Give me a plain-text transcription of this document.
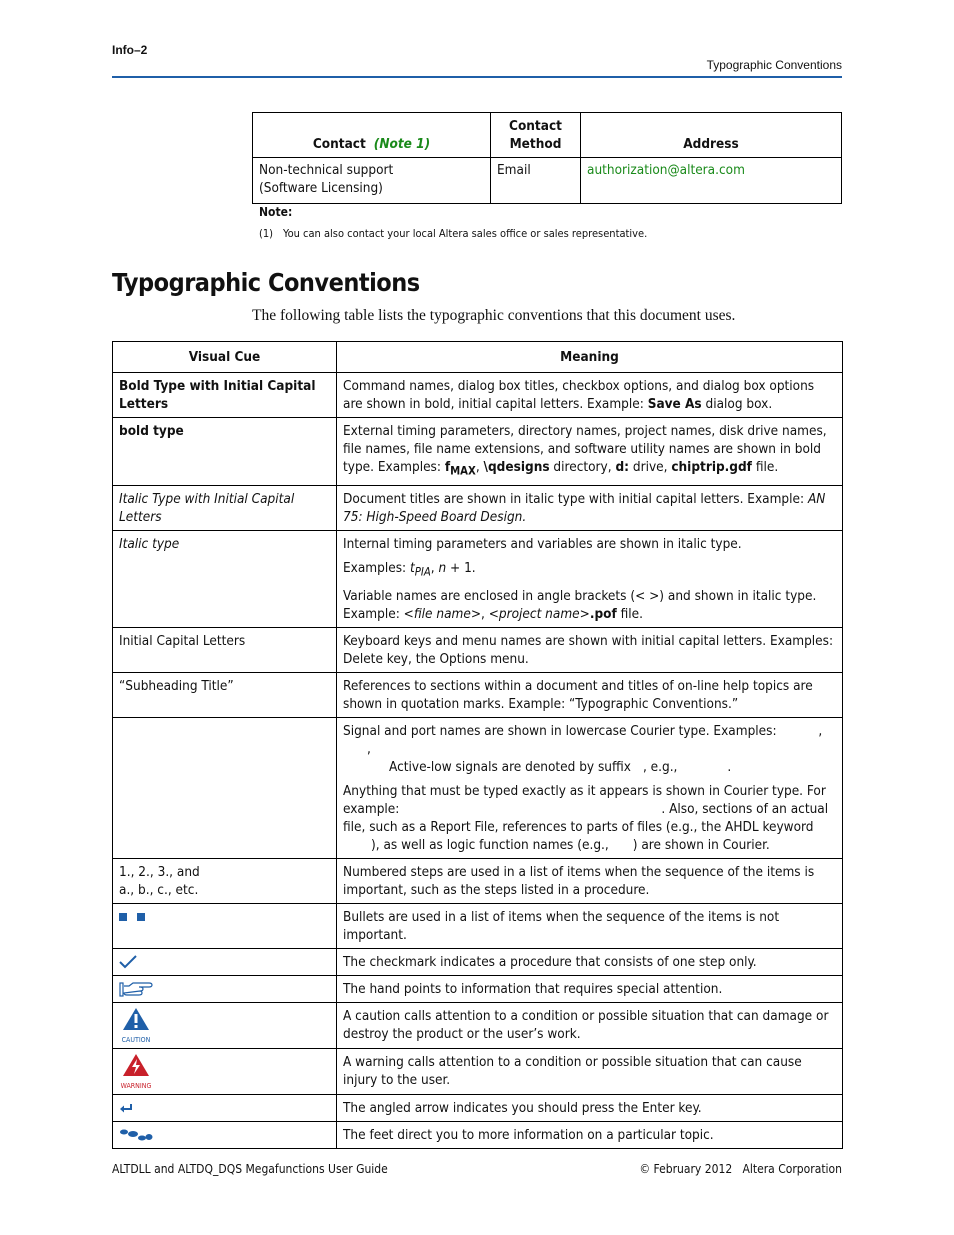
Info–2
Typographic Conventions
Contact (Note 1)	Contact Method	Address

Non-technical support
(Software Licensing)	Email	authorization@altera.com
Note:
(1) You can also contact your local Altera sales office or sales representative.
Typographic Conventions
The following table lists the typographic conventions that this document uses.
Visual Cue	Meaning
Bold Type with Initial Capital Letters	Command names, dialog box titles, checkbox options, and dialog box options are shown in bold, initial capital letters. Example: Save As dialog box.
bold type	External timing parameters, directory names, project names, disk drive names, file names, file name extensions, and software utility names are shown in bold type. Examples: $f_{MAX}$, \qdesigns directory, d: drive, chiptrip.gdf file.
Italic Type with Initial Capital Letters	Document titles are shown in italic type with initial capital letters. Example: AN 75: High-Speed Board Design.
Italic type	Internal timing parameters and variables are shown in italic type.
Examples: $t_{PIA}$, n + 1.
Variable names are enclosed in angle brackets (< >) and shown in italic type. Example: <file name>, <project name>.pof file.

Initial Capital Letters	Keyboard keys and menu names are shown with initial capital letters. Examples: Delete key, the Options menu.
“Subheading Title”	References to sections within a document and titles of on-line help topics are shown in quotation marks. Example: “Typographic Conventions.”

	Signal and port names are shown in lowercase Courier type. Examples: ,,
Active-low signals are denoted by suffix , e.g., .
Anything that must be typed exactly as it appears is shown in Courier type. For example: . Also, sections of an actual file, such as a Report File, references to parts of files (e.g., the AHDL keyword
), as well as logic function names (e.g., ) are shown in Courier.

1., 2., 3., and
a., b., c., etc.	Numbered steps are used in a list of items when the sequence of the items is important, such as the steps listed in a procedure.
	Bullets are used in a list of items when the sequence of the items is not important.
	The checkmark indicates a procedure that consists of one step only.
	The hand points to information that requires special attention.

CAUTION	A caution calls attention to a condition or possible situation that can damage or destroy the product or the user’s work.

WARNING	A warning calls attention to a condition or possible situation that can cause injury to the user.
	The angled arrow indicates you should press the Enter key.
	The feet direct you to more information on a particular topic.
ALTDLL and ALTDQ_DQS Megafunctions User Guide	© February 2012   Altera Corporation
